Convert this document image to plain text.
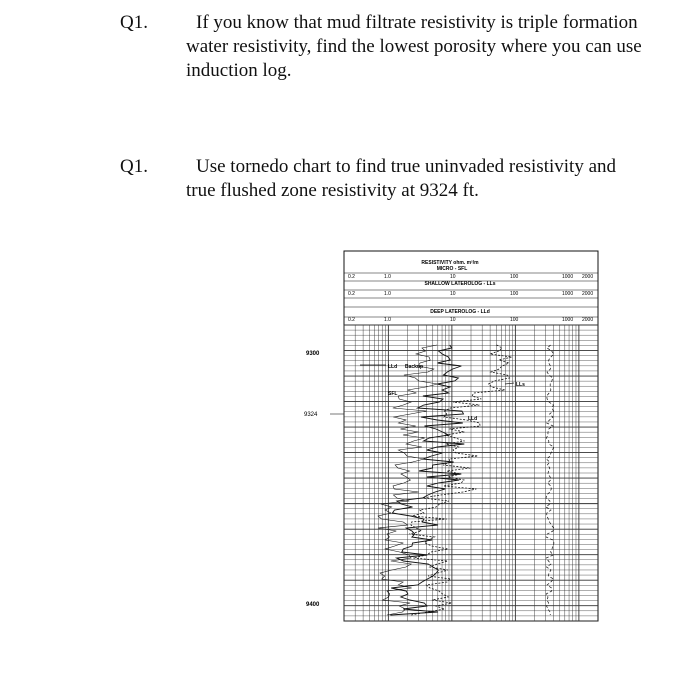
Q1.	If you know that mud filtrate resistivity is triple formation water resistivity, find the lowest porosity where you can use induction log.
Q1.	Use tornedo chart to find true uninvaded resistivity and true flushed zone resistivity at 9324 ft.
RESISTIVITY ohm. m²/m
MICRO - SFL
0.2	1.0	10	100	1000 2000
SHALLOW LATEROLOG - LLs
0.2	1.0	10	100	1000 2000
DEEP LATEROLOG - LLd
0.2	1.0	10	100	1000 2000
9300
9324
9400
LLd Backup
SFL
LLs
LLd
